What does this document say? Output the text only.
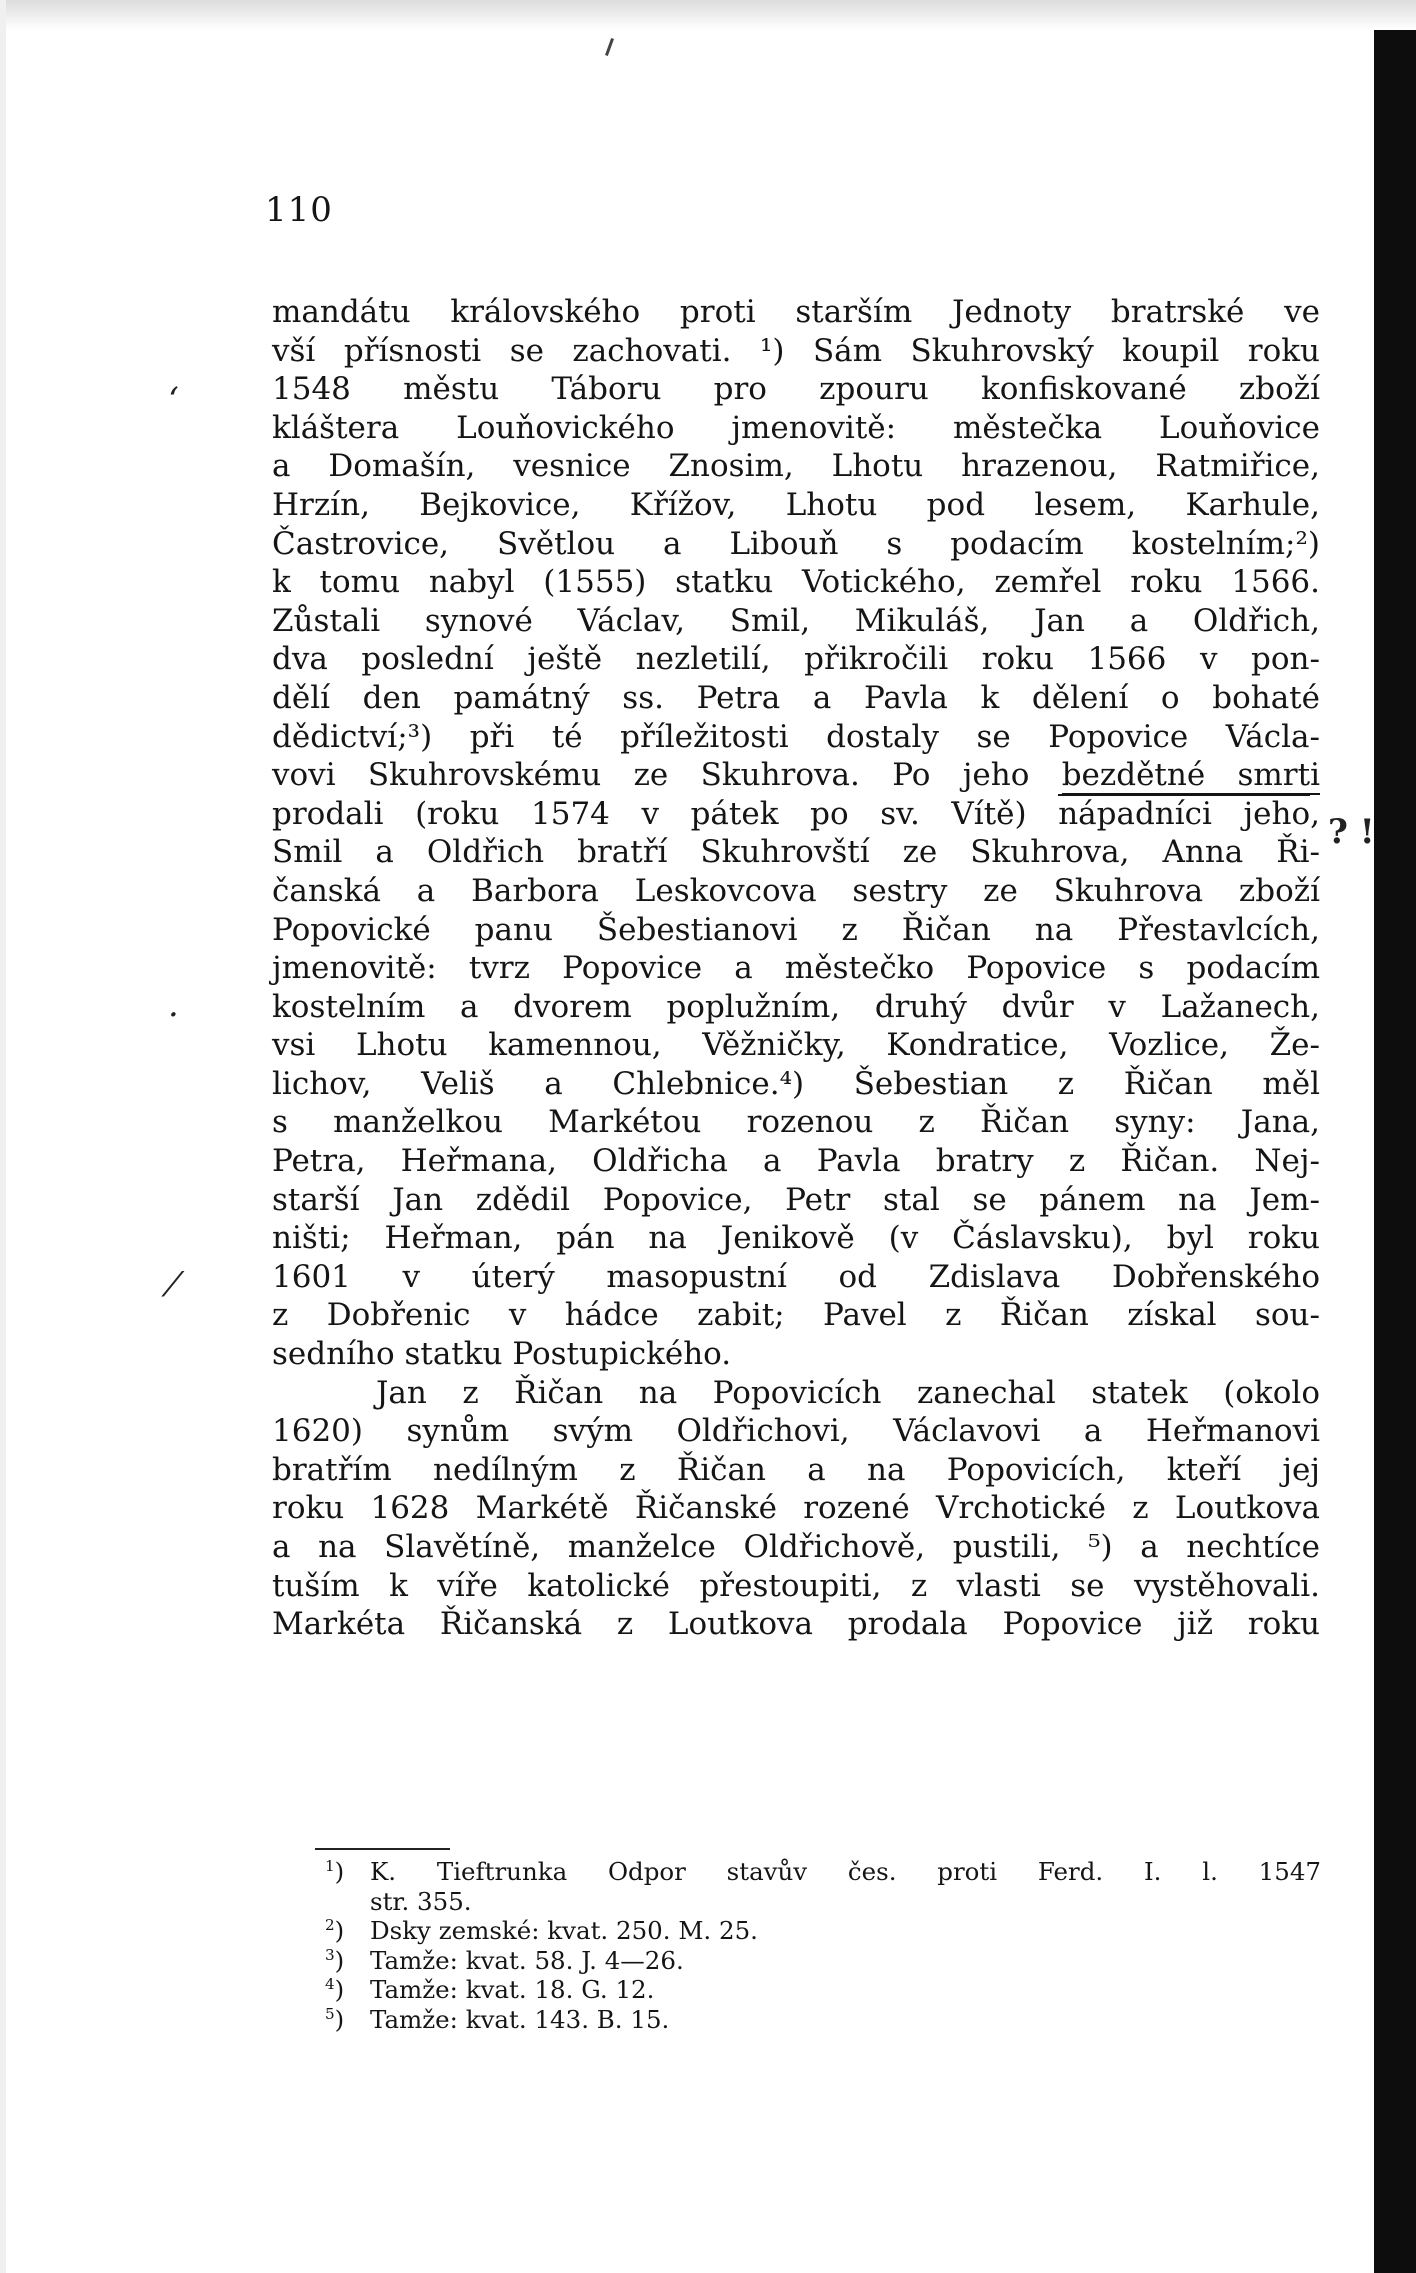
110
mandátu královského proti starším Jednoty bratrské ve
vší přísnosti se zachovati. ¹) Sám Skuhrovský koupil roku
1548 městu Táboru pro zpouru konfiskované zboží
kláštera Louňovického jmenovitě: městečka Louňovice
a Domašín, vesnice Znosim, Lhotu hrazenou, Ratmiřice,
Hrzín, Bejkovice, Křížov, Lhotu pod lesem, Karhule,
Častrovice, Světlou a Libouň s podacím kostelním;²)
k tomu nabyl (1555) statku Votického, zemřel roku 1566.
Zůstali synové Václav, Smil, Mikuláš, Jan a Oldřich,
dva poslední ještě nezletilí, přikročili roku 1566 v pon-
dělí den památný ss. Petra a Pavla k dělení o bohaté
dědictví;³) při té příležitosti dostaly se Popovice Václa-
vovi Skuhrovskému ze Skuhrova. Po jeho bezdětné smrti
prodali (roku 1574 v pátek po sv. Vítě) nápadníci jeho,
Smil a Oldřich bratří Skuhrovští ze Skuhrova, Anna Ři-
čanská a Barbora Leskovcova sestry ze Skuhrova zboží
Popovické panu Šebestianovi z Řičan na Přestavlcích,
jmenovitě: tvrz Popovice a městečko Popovice s podacím
kostelním a dvorem poplužním, druhý dvůr v Lažanech,
vsi Lhotu kamennou, Věžničky, Kondratice, Vozlice, Že-
lichov, Veliš a Chlebnice.⁴) Šebestian z Řičan měl
s manželkou Markétou rozenou z Řičan syny: Jana,
Petra, Heřmana, Oldřicha a Pavla bratry z Řičan. Nej-
starší Jan zdědil Popovice, Petr stal se pánem na Jem-
ništi; Heřman, pán na Jenikově (v Čáslavsku), byl roku
1601 v úterý masopustní od Zdislava Dobřenského
z Dobřenic v hádce zabit; Pavel z Řičan získal sou-
sedního statku Postupického.
Jan z Řičan na Popovicích zanechal statek (okolo
1620) synům svým Oldřichovi, Václavovi a Heřmanovi
bratřím nedílným z Řičan a na Popovicích, kteří jej
roku 1628 Markétě Řičanské rozené Vrchotické z Loutkova
a na Slavětíně, manželce Oldřichově, pustili, ⁵) a nechtíce
tuším k víře katolické přestoupiti, z vlasti se vystěhovali.
Markéta Řičanská z Loutkova prodala Popovice již roku
‘
·
⁄
? !
$^1$) K. Tieftrunka Odpor stavův čes. proti Ferd. I. l. 1547
str. 355.
$^2$) Dsky zemské: kvat. 250. M. 25.
$^3$) Tamže: kvat. 58. J. 4—26.
$^4$) Tamže: kvat. 18. G. 12.
$^5$) Tamže: kvat. 143. B. 15.
